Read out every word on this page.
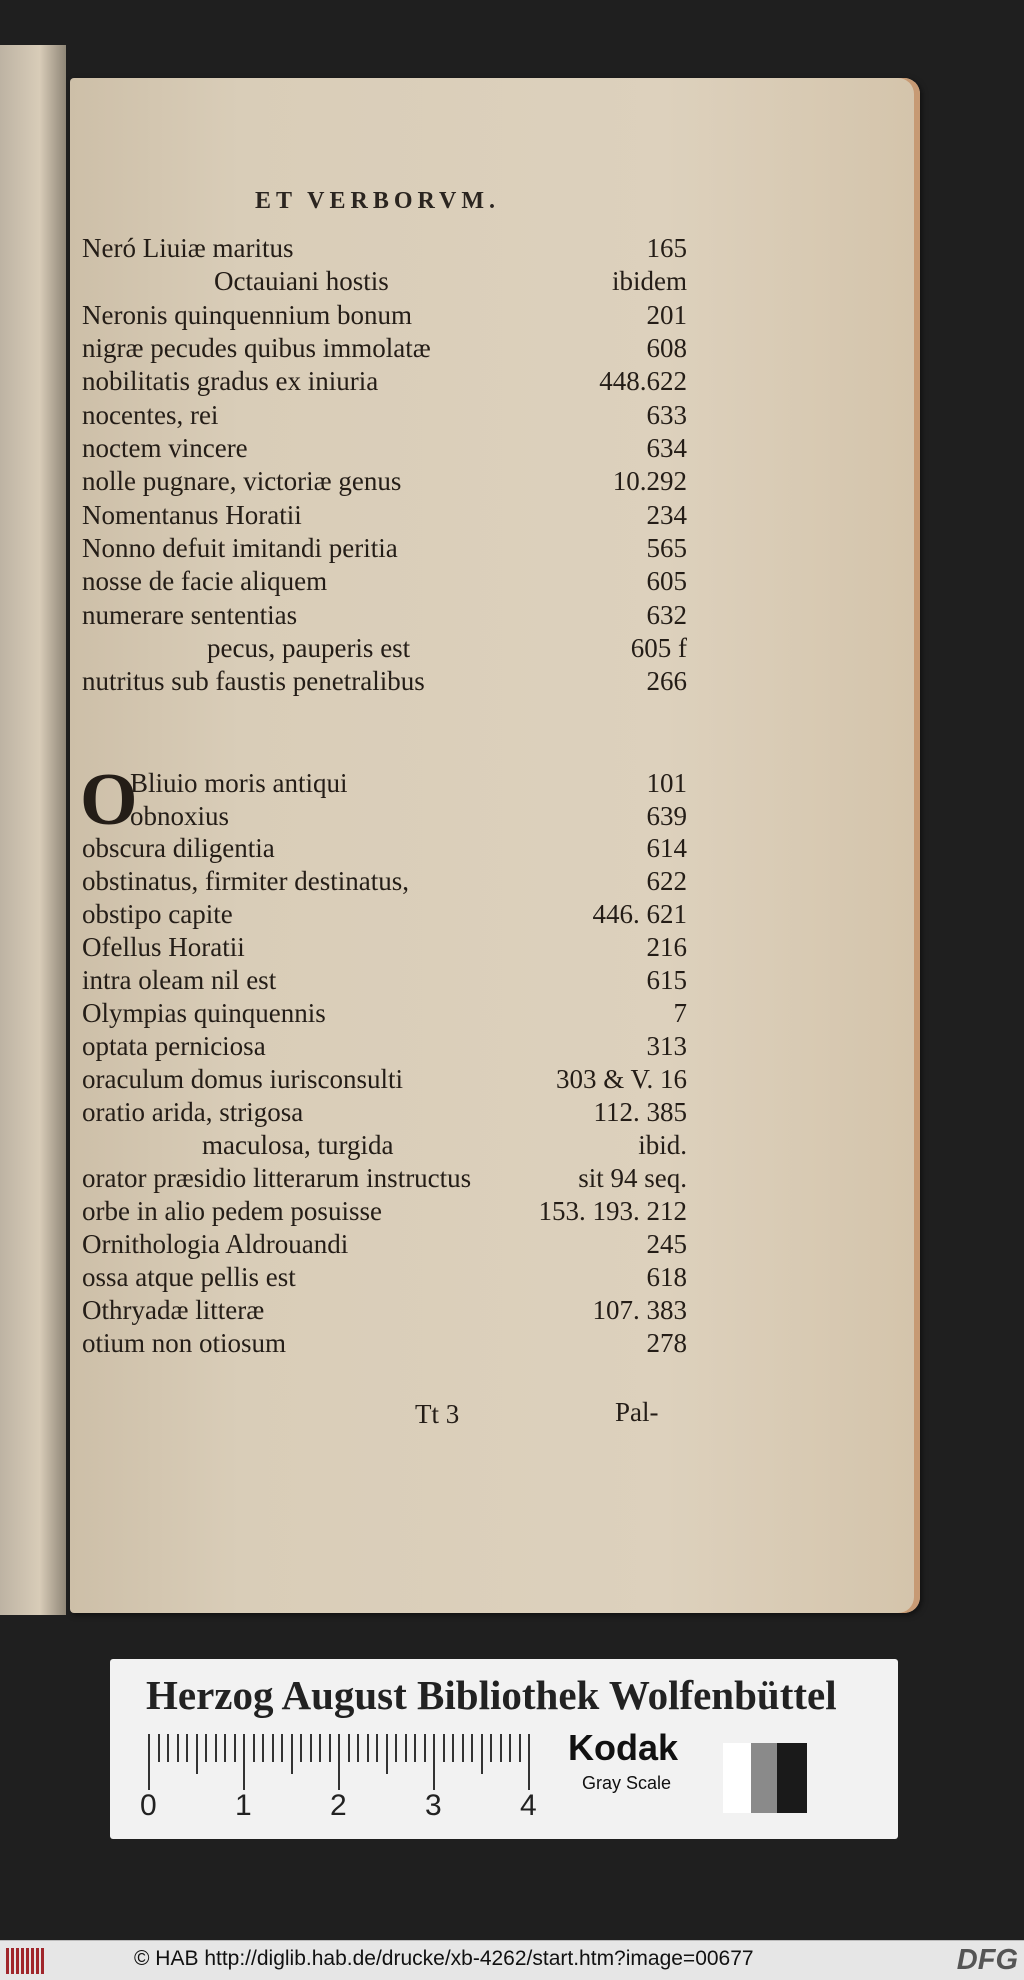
ET VERBORVM.
Neró Liuiæ maritus	165
Octauiani hostis	ibidem
Neronis quinquennium bonum	201
nigræ pecudes quibus immolatæ	608
nobilitatis gradus ex iniuria	448.622
nocentes, rei	633
noctem vincere	634
nolle pugnare, victoriæ genus	10.292
Nomentanus Horatii	234
Nonno defuit imitandi peritia	565
nosse de facie aliquem	605
numerare sententias	632
pecus, pauperis est	605 f
nutritus sub faustis penetralibus	266
O
Bliuio moris antiqui	101
obnoxius	639
obscura diligentia	614
obstinatus, firmiter destinatus,	622
obstipo capite	446. 621
Ofellus Horatii	216
intra oleam nil est	615
Olympias quinquennis	7
optata perniciosa	313
oraculum domus iurisconsulti	303 & V. 16
oratio arida, strigosa	112. 385
maculosa, turgida	ibid.
orator præsidio litterarum instructus	sit 94 seq.
orbe in alio pedem posuisse	153. 193. 212
Ornithologia Aldrouandi	245
ossa atque pellis est	618
Othryadæ litteræ	107. 383
otium non otiosum	278
Tt 3	Pal-
Herzog August Bibliothek Wolfenbüttel
Kodak
Gray Scale
0	1	2	3	4
© HAB http://diglib.hab.de/drucke/xb-4262/start.htm?image=00677	DFG
